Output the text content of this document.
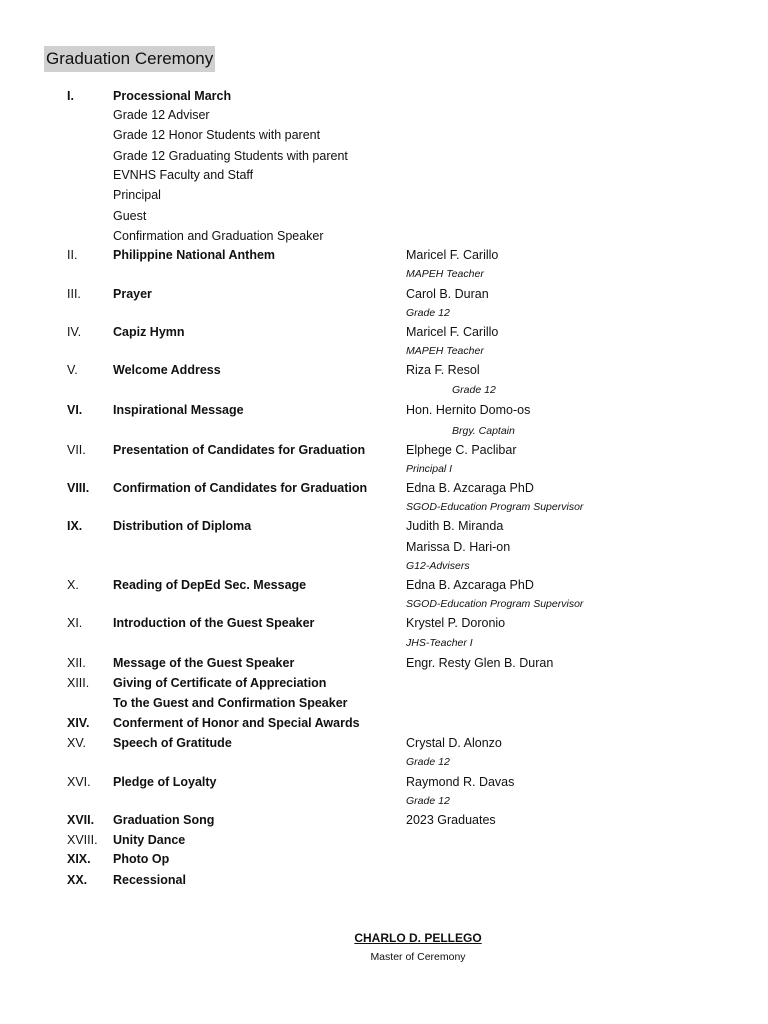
Graduation Ceremony
I.	Processional March
Grade 12 Adviser
Grade 12 Honor Students with parent
Grade 12 Graduating Students with parent
EVNHS Faculty and Staff
Principal
Guest
Confirmation and Graduation Speaker
II.	Philippine National Anthem	Maricel F. Carillo
MAPEH Teacher
III.	Prayer	Carol B. Duran
Grade 12
IV.	Capiz Hymn	Maricel F. Carillo
MAPEH Teacher
V.	Welcome Address	Riza F. Resol
Grade 12
VI. Inspirational Message	Hon. Hernito Domo-os
Brgy. Captain
VII. Presentation of Candidates for Graduation	Elphege C. Paclibar
Principal I
VIII. Confirmation of Candidates for Graduation	Edna B. Azcaraga PhD
SGOD-Education Program Supervisor
IX. Distribution of Diploma	Judith B. Miranda
Marissa D. Hari-on
G12-Advisers
X.	Reading of DepEd Sec. Message	Edna B. Azcaraga PhD
SGOD-Education Program Supervisor
XI. Introduction of the Guest Speaker	Krystel P. Doronio
JHS-Teacher I
XII. Message of the Guest Speaker	Engr. Resty Glen B. Duran
XIII. Giving of Certificate of Appreciation
To the Guest and Confirmation Speaker
XIV. Conferment of Honor and Special Awards
XV. Speech of Gratitude	Crystal D. Alonzo
Grade 12
XVI. Pledge of Loyalty	Raymond R. Davas
Grade 12
XVII. Graduation Song	2023 Graduates
XVIII. Unity Dance
XIX. Photo Op
XX. Recessional
CHARLO D. PELLEGO
Master of Ceremony
